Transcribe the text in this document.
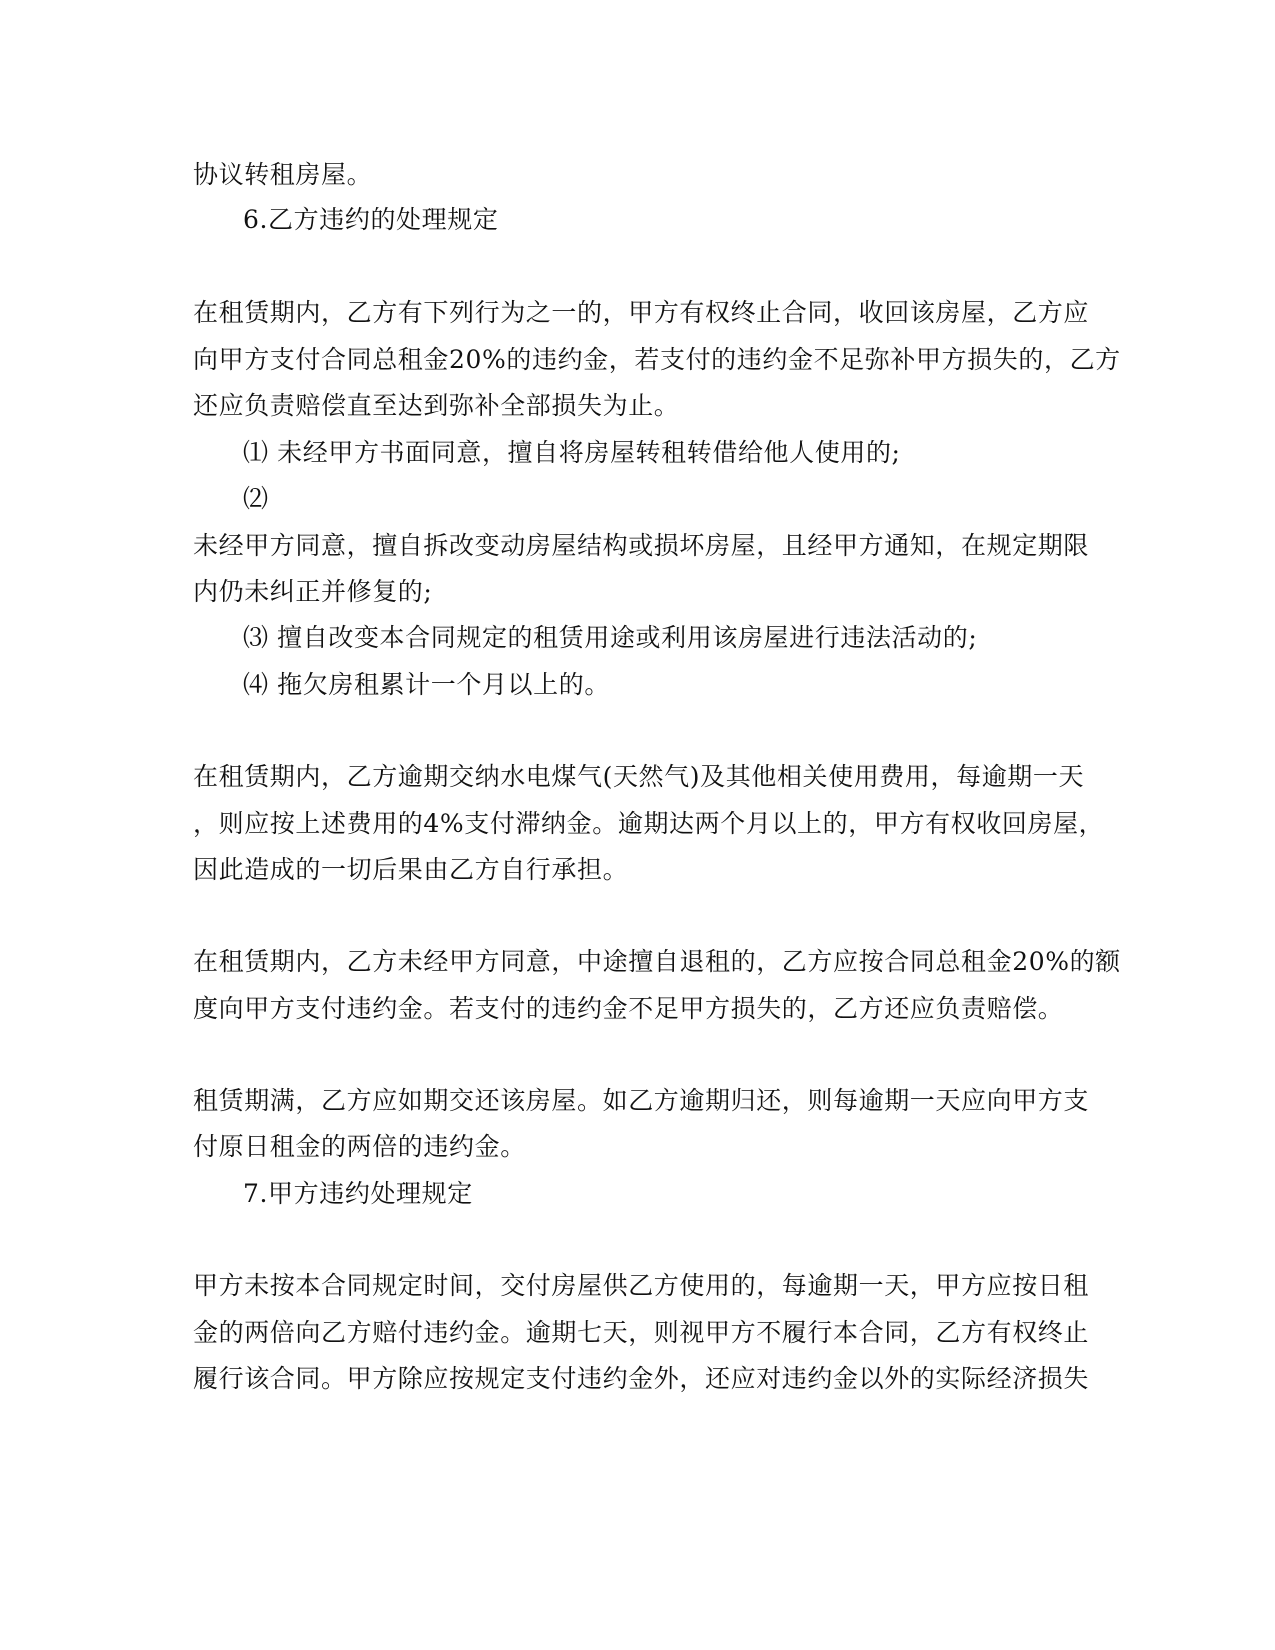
协议转租房屋。
6.乙方违约的处理规定
在租赁期内，乙方有下列行为之一的，甲方有权终止合同，收回该房屋，乙方应
向甲方支付合同总租金20%的违约金，若支付的违约金不足弥补甲方损失的，乙方
还应负责赔偿直至达到弥补全部损失为止。
⑴ 未经甲方书面同意，擅自将房屋转租转借给他人使用的;
⑵
未经甲方同意，擅自拆改变动房屋结构或损坏房屋，且经甲方通知，在规定期限
内仍未纠正并修复的;
⑶ 擅自改变本合同规定的租赁用途或利用该房屋进行违法活动的;
⑷ 拖欠房租累计一个月以上的。
在租赁期内，乙方逾期交纳水电煤气(天然气)及其他相关使用费用，每逾期一天
，则应按上述费用的4%支付滞纳金。逾期达两个月以上的，甲方有权收回房屋，
因此造成的一切后果由乙方自行承担。
在租赁期内，乙方未经甲方同意，中途擅自退租的，乙方应按合同总租金20%的额
度向甲方支付违约金。若支付的违约金不足甲方损失的，乙方还应负责赔偿。
租赁期满，乙方应如期交还该房屋。如乙方逾期归还，则每逾期一天应向甲方支
付原日租金的两倍的违约金。
7.甲方违约处理规定
甲方未按本合同规定时间，交付房屋供乙方使用的，每逾期一天，甲方应按日租
金的两倍向乙方赔付违约金。逾期七天，则视甲方不履行本合同，乙方有权终止
履行该合同。甲方除应按规定支付违约金外，还应对违约金以外的实际经济损失
